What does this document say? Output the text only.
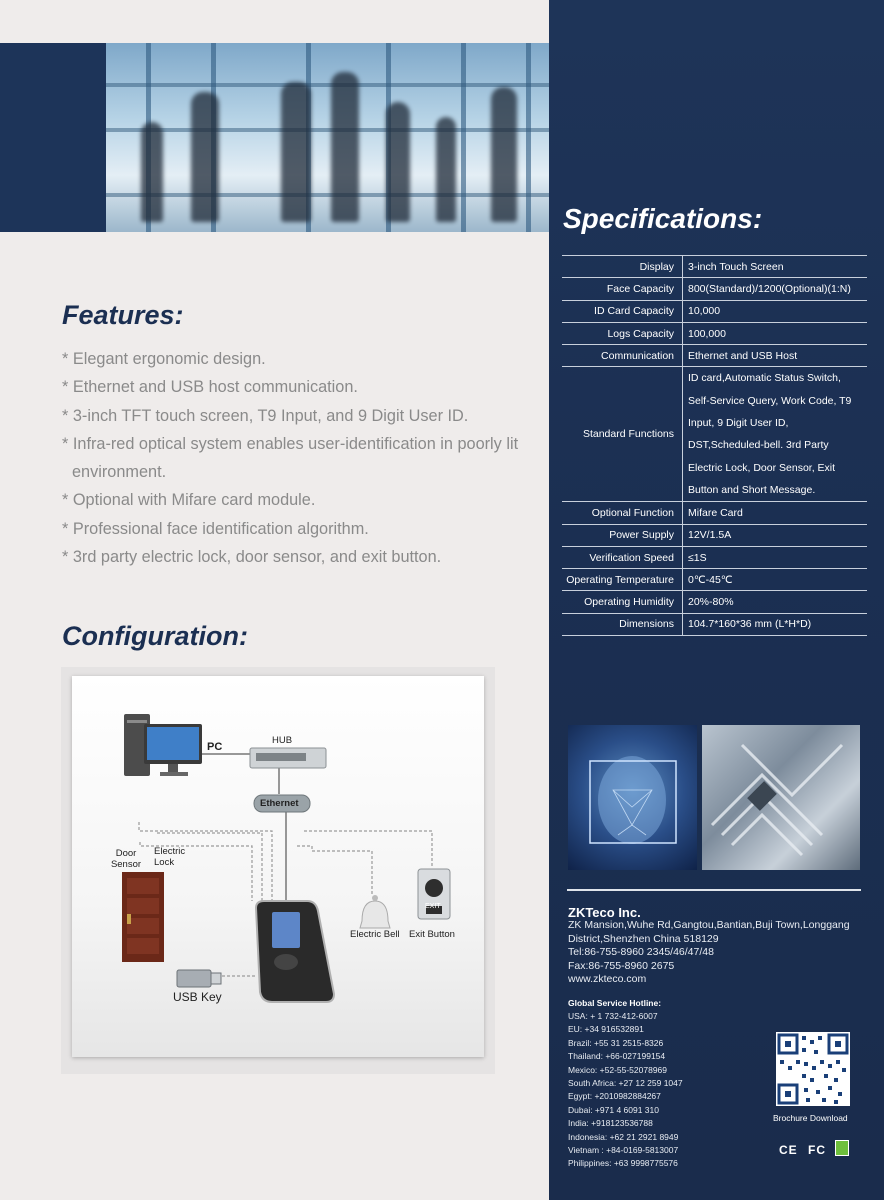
Features:
* Elegant ergonomic design.
* Ethernet and USB host communication.
* 3-inch TFT touch screen, T9 Input, and 9 Digit User ID.
* Infra-red optical system enables user-identification in poorly lit environment.
* Optional with Mifare card module.
* Professional face identification algorithm.
* 3rd party electric lock, door sensor, and exit button.
Configuration:
PC
HUB
Ethernet
Door Sensor
Electric Lock
Electric Bell Exit Button
EXIT
USB Key
Specifications:
Display	3-inch Touch Screen
Face Capacity	800(Standard)/1200(Optional)(1:N)
ID Card Capacity	10,000
Logs Capacity	100,000
Communication	Ethernet and USB Host
Standard Functions	ID card,Automatic Status Switch, Self-Service Query, Work Code, T9 Input, 9 Digit User ID, DST,Scheduled-bell. 3rd Party Electric Lock, Door Sensor, Exit Button and Short Message.
Optional Function	Mifare Card
Power Supply	12V/1.5A
Verification Speed	≤1S
Operating Temperature	0℃-45℃
Operating Humidity	20%-80%
Dimensions	104.7*160*36 mm (L*H*D)
ZKTeco Inc.
ZK Mansion,Wuhe Rd,Gangtou,Bantian,Buji Town,Longgang
District,Shenzhen China 518129
Tel:86-755-8960 2345/46/47/48
Fax:86-755-8960 2675
www.zkteco.com
Global Service Hotline:
USA: + 1 732-412-6007
EU: +34 916532891
Brazil: +55 31 2515-8326
Thailand: +66-027199154
Mexico: +52-55-52078969
South Africa: +27 12 259 1047
Egypt: +2010982884267
Dubai: +971 4 6091 310
India: +918123536788
Indonesia: +62 21 2921 8949
Vietnam : +84-0169-5813007
Philippines: +63 9998775576
Brochure Download
CE FC
